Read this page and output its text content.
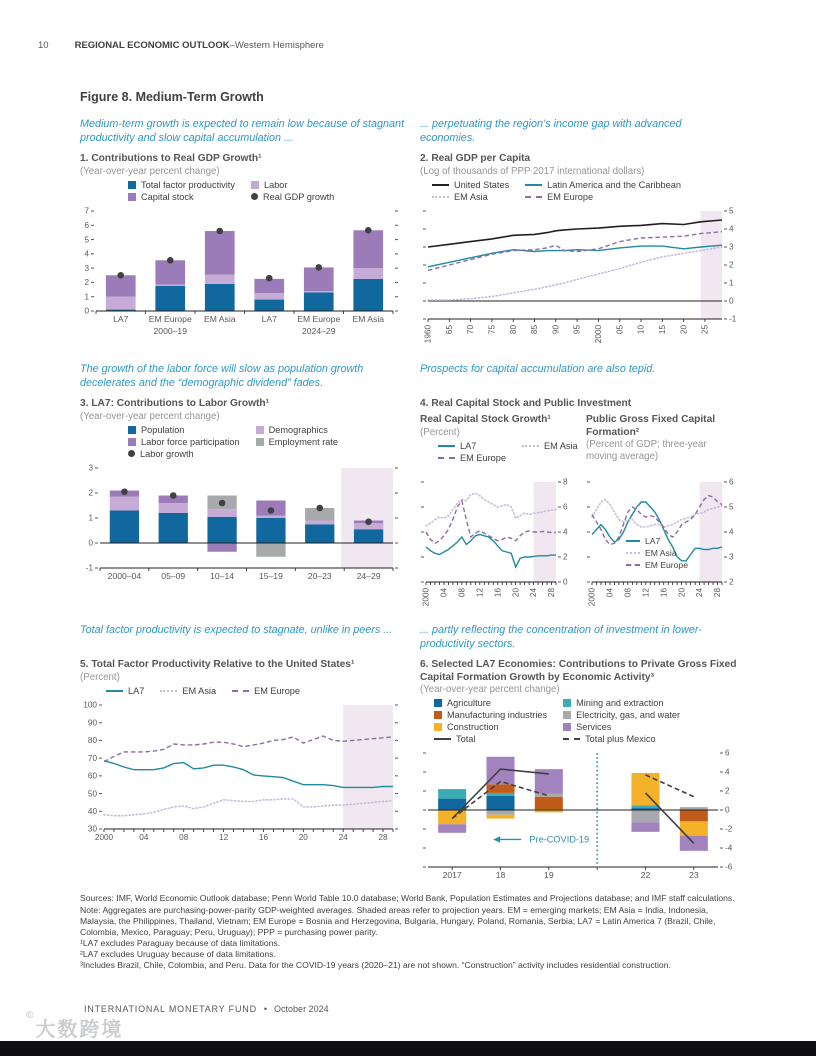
10	REGIONAL ECONOMIC OUTLOOK–Western Hemisphere
Figure 8. Medium-Term Growth
Medium-term growth is expected to remain low because of stagnant productivity and slow capital accumulation ...
... perpetuating the region’s income gap with advanced economies.
1. Contributions to Real GDP Growth¹
(Year-over-year percent change)
Total factor productivity	Labor
Capital stock	Real GDP growth
0
1
2
3
4
5
6
7
LA7 EM Europe EM Asia	LA7 EM Europe EM Asia
2000–19	2024–29
2. Real GDP per Capita
(Log of thousands of PPP 2017 international dollars)
United States	Latin America and the Caribbean
EM Asia	EM Europe
-1
0
1
2
3
4
5
1960 65 70 75 80 85 90 95 2000 05 10 15 20 25
The growth of the labor force will slow as population growth decelerates and the “demographic dividend” fades.
Prospects for capital accumulation are also tepid.
3. LA7: Contributions to Labor Growth¹
(Year-over-year percent change)
Population	Demographics
Labor force participation	Employment rate
Labor growth
-1
0
1
2
3
2000–04 05–09	10–14	15–19	20–23	24–29
4. Real Capital Stock and Public Investment
Real Capital Stock Growth¹
(Percent)
LA7	EM Asia
EM Europe
0
2
4
6
8
2000 04 08 12 16 20 24 28
Public Gross Fixed Capital Formation²
(Percent of GDP; three-year moving average)
2
3
4
5
6
2000 04 08 12 16 20 24 28
LA7
EM Asia
EM Europe
Total factor productivity is expected to stagnate, unlike in peers ...	... partly reflecting the concentration of investment in lower-productivity sectors.
5. Total Factor Productivity Relative to the United States¹
(Percent)
LA7	EM Asia	EM Europe
30
40
50
60
70
80
90
100
2000	04	08	12	16	20	24	28
6. Selected LA7 Economies: Contributions to Private Gross Fixed Capital Formation Growth by Economic Activity³
(Year-over-year percent change)
Agriculture	Mining and extraction
Manufacturing industries	Electricity, gas, and water
Construction	Services
Total	Total plus Mexico
-6
-4
-2
0
2
4
6
2017	18	19	22	23
Pre-COVID-19
Sources: IMF, World Economic Outlook database; Penn World Table 10.0 database; World Bank, Population Estimates and Projections database; and IMF staff calculations.
Note: Aggregates are purchasing-power-parity GDP-weighted averages. Shaded areas refer to projection years. EM = emerging markets; EM Asia = India, Indonesia, Malaysia, the Philippines, Thailand, Vietnam; EM Europe = Bosnia and Herzegovina, Bulgaria, Hungary, Poland, Romania, Serbia; LA7 = Latin America 7 (Brazil, Chile, Colombia, Mexico, Paraguay; Peru, Uruguay); PPP = purchasing power parity.
¹LA7 excludes Paraguay because of data limitations.
²LA7 excludes Uruguay because of data limitations.
³Includes Brazil, Chile, Colombia, and Peru. Data for the COVID-19 years (2020–21) are not shown. “Construction” activity includes residential construction.
INTERNATIONAL MONETARY FUND • October 2024
©
大数跨境
